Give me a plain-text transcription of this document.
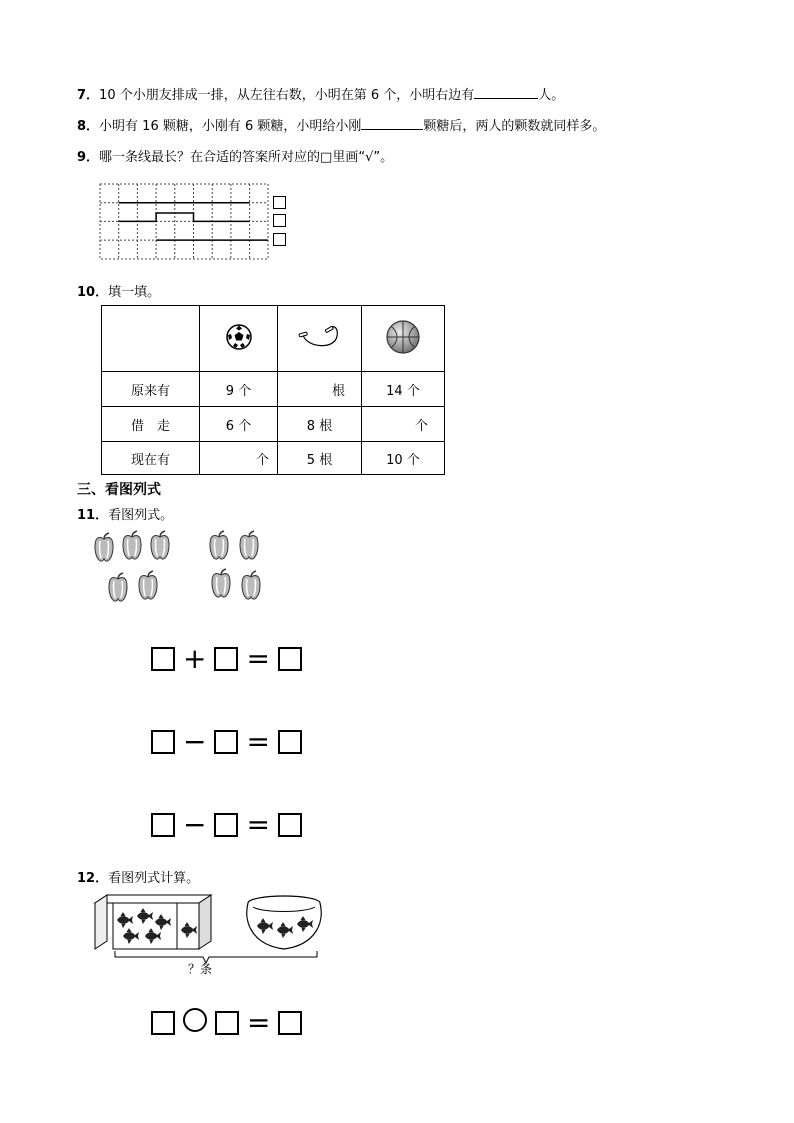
7．10 个小朋友排成一排，从左往右数，小明在第 6 个，小明右边有	人。
8．小明有 16 颗糖，小刚有 6 颗糖，小明给小刚	颗糖后，两人的颗数就同样多。
9．哪一条线最长？在合适的答案所对应的□里画“√”。
10．填一填。

原来有	9 个	根	14 个
借　走	6 个	8 根	个
现在有	个	5 根	10 个
三、看图列式
11．看图列式。
+ =
− =
− =
12．看图列式计算。
？条
=
